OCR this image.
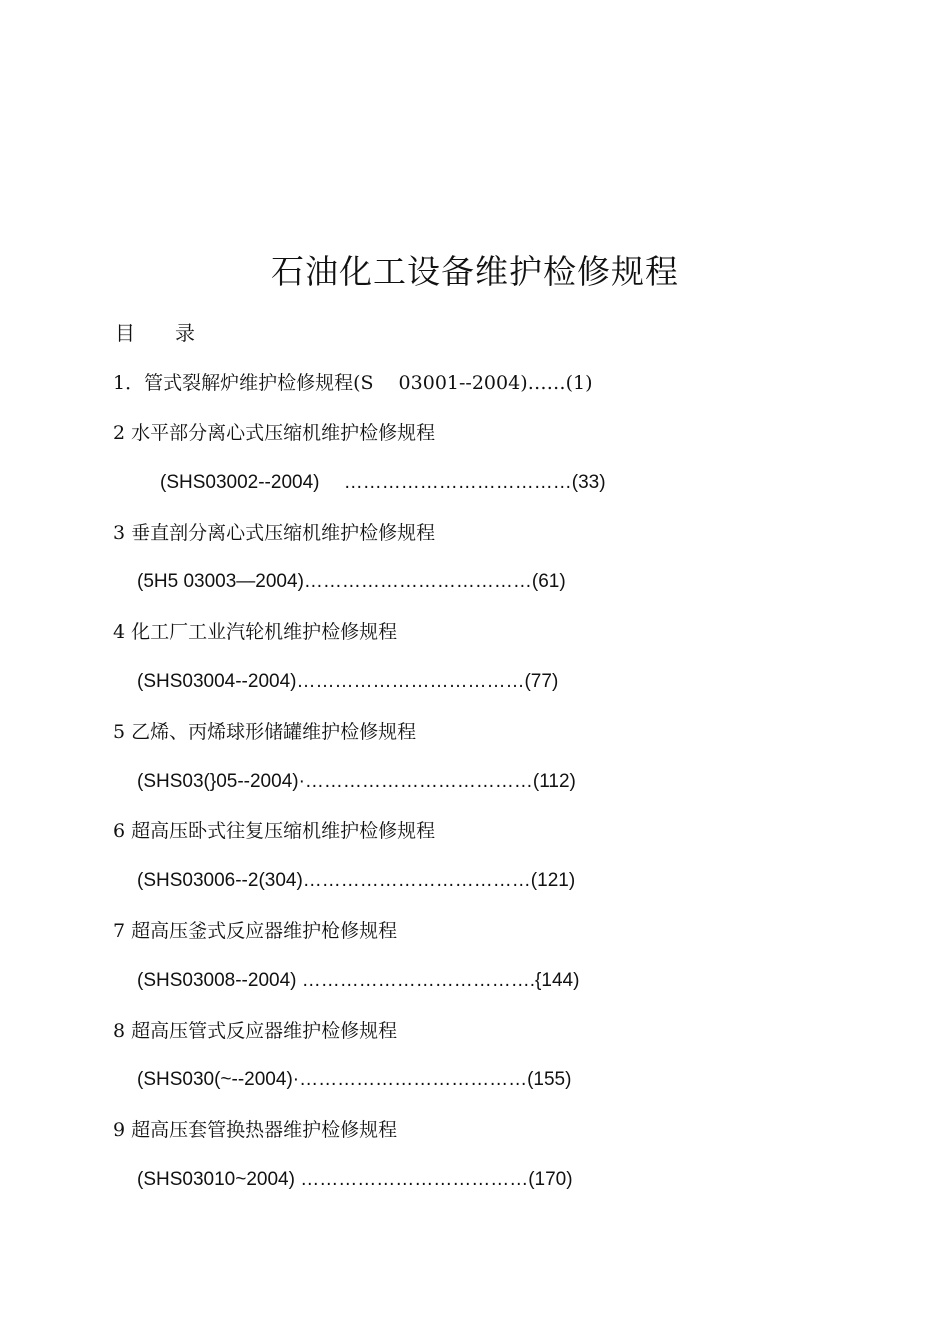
石油化工设备维护检修规程
目　　录
1．管式裂解炉维护检修规程(S　 03001--2004)……(1)
2 水平部分离心式压缩机维护检修规程
(SHS03002--2004)　 ………………………………(33)
3 垂直剖分离心式压缩机维护检修规程
(5H5 03003—2004)………………………………(61)
4 化工厂工业汽轮机维护检修规程
(SHS03004--2004)………………………………(77)
5 乙烯、丙烯球形储罐维护检修规程
(SHS03(}05--2004)·………………………………(112)
6 超高压卧式往复压缩机维护检修规程
(SHS03006--2(304)………………………………(121)
7 超高压釜式反应器维护枪修规程
(SHS03008--2004) ……………………………….{144)
8 超高压管式反应器维护检修规程
(SHS030(~--2004)·………………………………(155)
9 超高压套管换热器维护检修规程
(SHS03010~2004) ………………………………(170)
